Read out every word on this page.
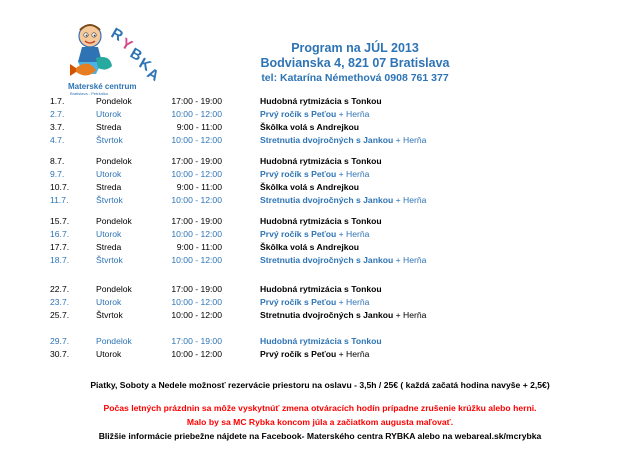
R
Y
B
K
A
Materské centrum
Bratislava - Petržalka
Program na JÚL 2013
Bodvianska 4, 821 07 Bratislava
tel: Katarína Némethová 0908 761 377
1.7.	Pondelok	17:00 - 19:00	Hudobná rytmizácia s Tonkou
2.7.	Utorok	10:00 - 12:00	Prvý ročík s Peťou + Herňa
3.7.	Streda	9:00 - 11:00	Škôlka volá s Andrejkou
4.7.	Štvrtok	10:00 - 12:00	Stretnutia dvojročných s Jankou + Herňa
8.7.	Pondelok	17:00 - 19:00	Hudobná rytmizácia s Tonkou
9.7.	Utorok	10:00 - 12:00	Prvý ročík s Peťou + Herňa
10.7.	Streda	9:00 - 11:00	Škôlka volá s Andrejkou
11.7.	Štvrtok	10:00 - 12:00	Stretnutia dvojročných s Jankou + Herňa
15.7.	Pondelok	17:00 - 19:00	Hudobná rytmizácia s Tonkou
16.7.	Utorok	10:00 - 12:00	Prvý ročík s Peťou + Herňa
17.7.	Streda	9:00 - 11:00	Škôlka volá s Andrejkou
18.7.	Štvrtok	10:00 - 12:00	Stretnutia dvojročných s Jankou + Herňa
22.7.	Pondelok	17:00 - 19:00	Hudobná rytmizácia s Tonkou
23.7.	Utorok	10:00 - 12:00	Prvý ročík s Peťou + Herňa
25.7.	Štvrtok	10:00 - 12:00	Stretnutia dvojročných s Jankou + Herňa
29.7.	Pondelok	17:00 - 19:00	Hudobná rytmizácia s Tonkou
30.7.	Utorok	10:00 - 12:00	Prvý ročík s Peťou + Herňa
Piatky, Soboty a Nedele možnosť rezervácie priestoru na oslavu - 3,5h / 25€ ( každá začatá hodina navyše + 2,5€)
Počas letných prázdnin sa môže vyskytnúť zmena otváracích hodín prípadne zrušenie krúžku alebo herni.
Malo by sa MC Rybka koncom júla a začiatkom augusta maľovať.
Bližšie informácie priebežne nájdete na Facebook- Materského centra RYBKA alebo na webareal.sk/mcrybka
